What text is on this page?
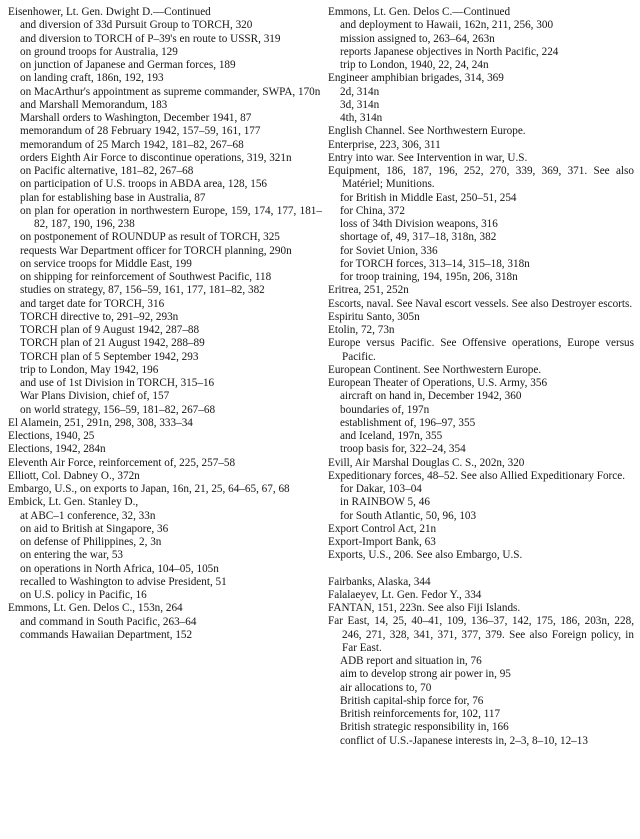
Eisenhower, Lt. Gen. Dwight D.—Continued

and diversion of 33d Pursuit Group to TORCH, 320

and diversion to TORCH of P–39's en route to USSR, 319

on ground troops for Australia, 129

on junction of Japanese and German forces, 189

on landing craft, 186n, 192, 193

on MacArthur's appointment as supreme commander, SWPA, 170n

and Marshall Memorandum, 183

Marshall orders to Washington, December 1941, 87

memorandum of 28 February 1942, 157–59, 161, 177

memorandum of 25 March 1942, 181–82, 267–68

orders Eighth Air Force to discontinue operations, 319, 321n

on Pacific alternative, 181–82, 267–68

on participation of U.S. troops in ABDA area, 128, 156

plan for establishing base in Australia, 87

on plan for operation in northwestern Europe, 159, 174, 177, 181–82, 187, 190, 196, 238

on postponement of ROUNDUP as result of TORCH, 325

requests War Department officer for TORCH planning, 290n

on service troops for Middle East, 199

on shipping for reinforcement of Southwest Pacific, 118

studies on strategy, 87, 156–59, 161, 177, 181–82, 382

and target date for TORCH, 316

TORCH directive to, 291–92, 293n

TORCH plan of 9 August 1942, 287–88

TORCH plan of 21 August 1942, 288–89

TORCH plan of 5 September 1942, 293

trip to London, May 1942, 196

and use of 1st Division in TORCH, 315–16

War Plans Division, chief of, 157

on world strategy, 156–59, 181–82, 267–68

El Alamein, 251, 291n, 298, 308, 333–34

Elections, 1940, 25

Elections, 1942, 284n

Eleventh Air Force, reinforcement of, 225, 257–58

Elliott, Col. Dabney O., 372n

Embargo, U.S., on exports to Japan, 16n, 21, 25, 64–65, 67, 68

Embick, Lt. Gen. Stanley D.,

at ABC–1 conference, 32, 33n

on aid to British at Singapore, 36

on defense of Philippines, 2, 3n

on entering the war, 53

on operations in North Africa, 104–05, 105n

recalled to Washington to advise President, 51

on U.S. policy in Pacific, 16

Emmons, Lt. Gen. Delos C., 153n, 264

and command in South Pacific, 263–64

commands Hawaiian Department, 152

Emmons, Lt. Gen. Delos C.—Continued

and deployment to Hawaii, 162n, 211, 256, 300

mission assigned to, 263–64, 263n

reports Japanese objectives in North Pacific, 224

trip to London, 1940, 22, 24, 24n

Engineer amphibian brigades, 314, 369

2d, 314n

3d, 314n

4th, 314n

English Channel. See Northwestern Europe.

Enterprise, 223, 306, 311

Entry into war. See Intervention in war, U.S.

Equipment, 186, 187, 196, 252, 270, 339, 369, 371. See also Matériel; Munitions.

for British in Middle East, 250–51, 254

for China, 372

loss of 34th Division weapons, 316

shortage of, 49, 317–18, 318n, 382

for Soviet Union, 336

for TORCH forces, 313–14, 315–18, 318n

for troop training, 194, 195n, 206, 318n

Eritrea, 251, 252n

Escorts, naval. See Naval escort vessels. See also Destroyer escorts.

Espiritu Santo, 305n

Etolin, 72, 73n

Europe versus Pacific. See Offensive operations, Europe versus Pacific.

European Continent. See Northwestern Europe.

European Theater of Operations, U.S. Army, 356

aircraft on hand in, December 1942, 360

boundaries of, 197n

establishment of, 196–97, 355

and Iceland, 197n, 355

troop basis for, 322–24, 354

Evill, Air Marshal Douglas C. S., 202n, 320

Expeditionary forces, 48–52. See also Allied Expeditionary Force.

for Dakar, 103–04

in RAINBOW 5, 46

for South Atlantic, 50, 96, 103

Export Control Act, 21n

Export-Import Bank, 63

Exports, U.S., 206. See also Embargo, U.S.

Fairbanks, Alaska, 344

Falalaeyev, Lt. Gen. Fedor Y., 334

FANTAN, 151, 223n. See also Fiji Islands.

Far East, 14, 25, 40–41, 109, 136–37, 142, 175, 186, 203n, 228, 246, 271, 328, 341, 371, 377, 379. See also Foreign policy, in Far East.

ADB report and situation in, 76

aim to develop strong air power in, 95

air allocations to, 70

British capital-ship force for, 76

British reinforcements for, 102, 117

British strategic responsibility in, 166

conflict of U.S.-Japanese interests in, 2–3, 8–10, 12–13
